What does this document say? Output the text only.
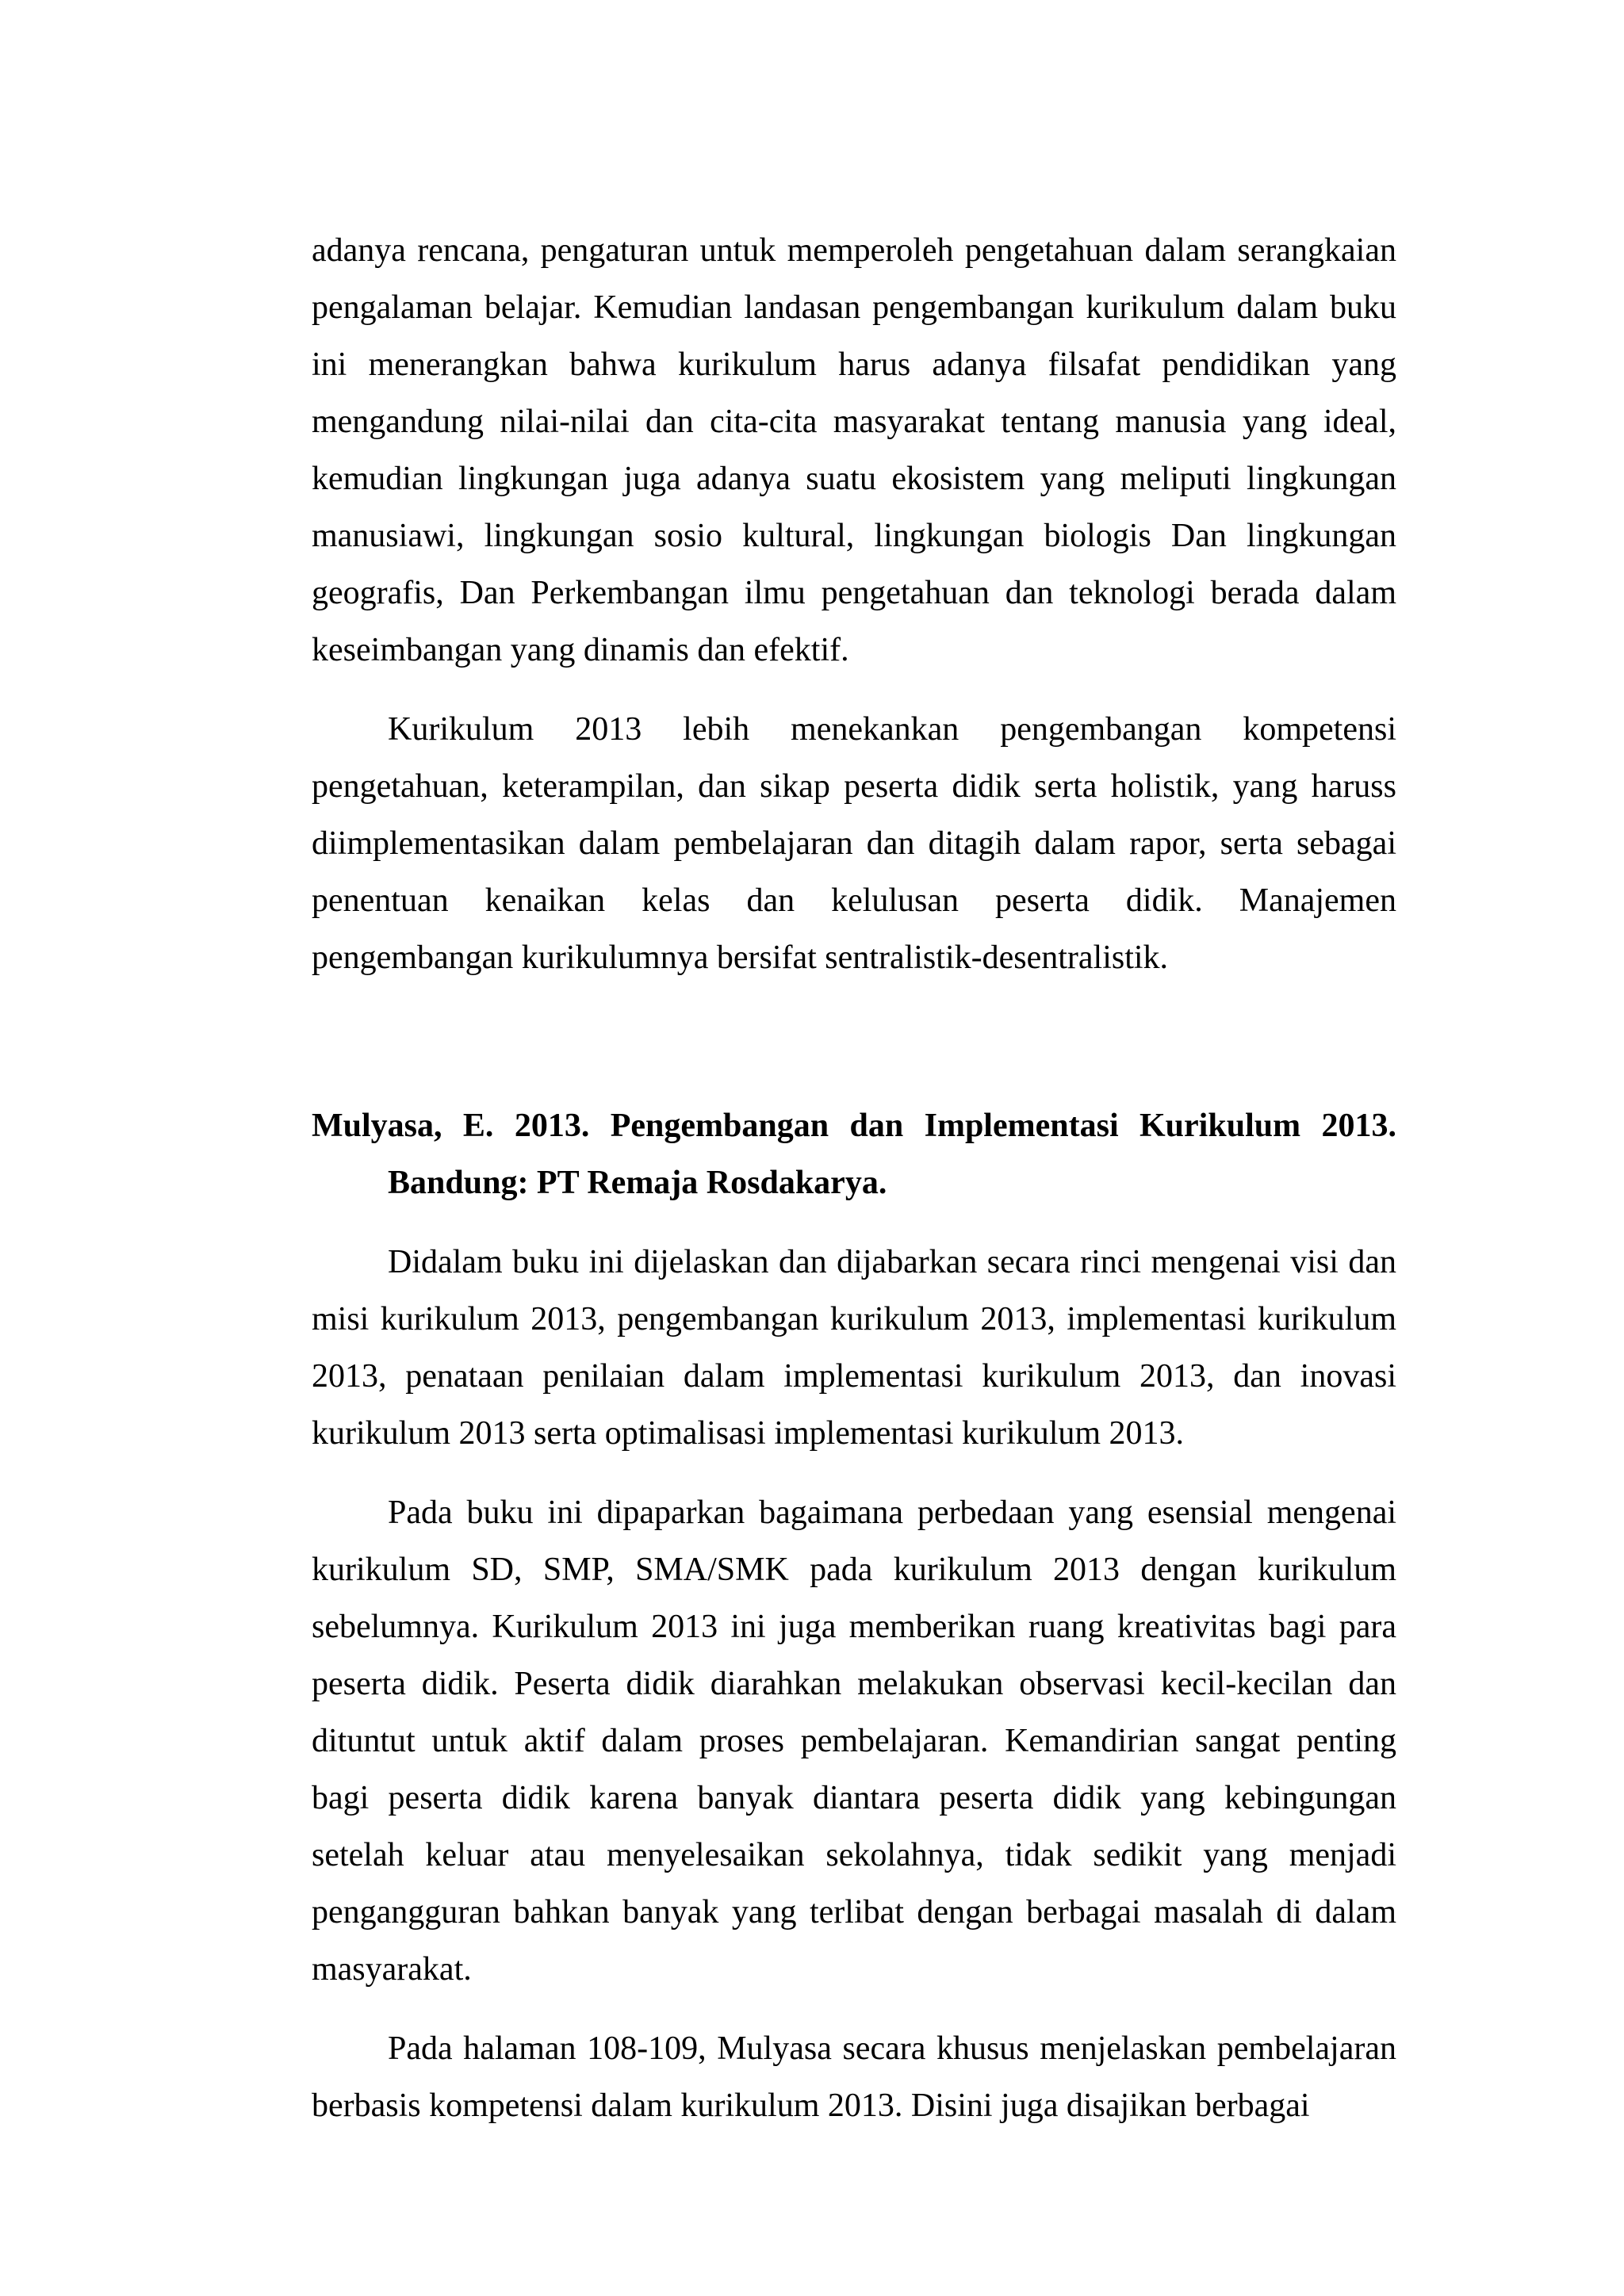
adanya rencana, pengaturan untuk memperoleh pengetahuan dalam serangkaian pengalaman belajar. Kemudian landasan pengembangan kurikulum dalam buku ini menerangkan bahwa kurikulum harus adanya filsafat pendidikan yang mengandung nilai-nilai dan cita-cita masyarakat tentang manusia yang ideal, kemudian lingkungan juga adanya suatu ekosistem yang meliputi lingkungan manusiawi, lingkungan sosio kultural, lingkungan biologis Dan lingkungan geografis, Dan Perkembangan ilmu pengetahuan dan teknologi berada dalam keseimbangan yang dinamis dan efektif.

Kurikulum 2013 lebih menekankan pengembangan kompetensi pengetahuan, keterampilan, dan sikap peserta didik serta holistik, yang haruss diimplementasikan dalam pembelajaran dan ditagih dalam rapor, serta sebagai penentuan kenaikan kelas dan kelulusan peserta didik. Manajemen pengembangan kurikulumnya bersifat sentralistik-desentralistik.

Mulyasa, E. 2013. Pengembangan dan Implementasi Kurikulum 2013. Bandung: PT Remaja Rosdakarya.

Didalam buku ini dijelaskan dan dijabarkan secara rinci mengenai visi dan misi kurikulum 2013, pengembangan kurikulum 2013, implementasi kurikulum 2013, penataan penilaian dalam implementasi kurikulum 2013, dan inovasi kurikulum 2013 serta optimalisasi implementasi kurikulum 2013.

Pada buku ini dipaparkan bagaimana perbedaan yang esensial mengenai kurikulum SD, SMP, SMA/SMK pada kurikulum 2013 dengan kurikulum sebelumnya. Kurikulum 2013 ini juga memberikan ruang kreativitas bagi para peserta didik. Peserta didik diarahkan melakukan observasi kecil-kecilan dan dituntut untuk aktif dalam proses pembelajaran. Kemandirian sangat penting bagi peserta didik karena banyak diantara peserta didik yang kebingungan setelah keluar atau menyelesaikan sekolahnya, tidak sedikit yang menjadi pengangguran bahkan banyak yang terlibat dengan berbagai masalah di dalam masyarakat.

Pada halaman 108-109, Mulyasa secara khusus menjelaskan pembelajaran berbasis kompetensi dalam kurikulum 2013. Disini juga disajikan berbagai
